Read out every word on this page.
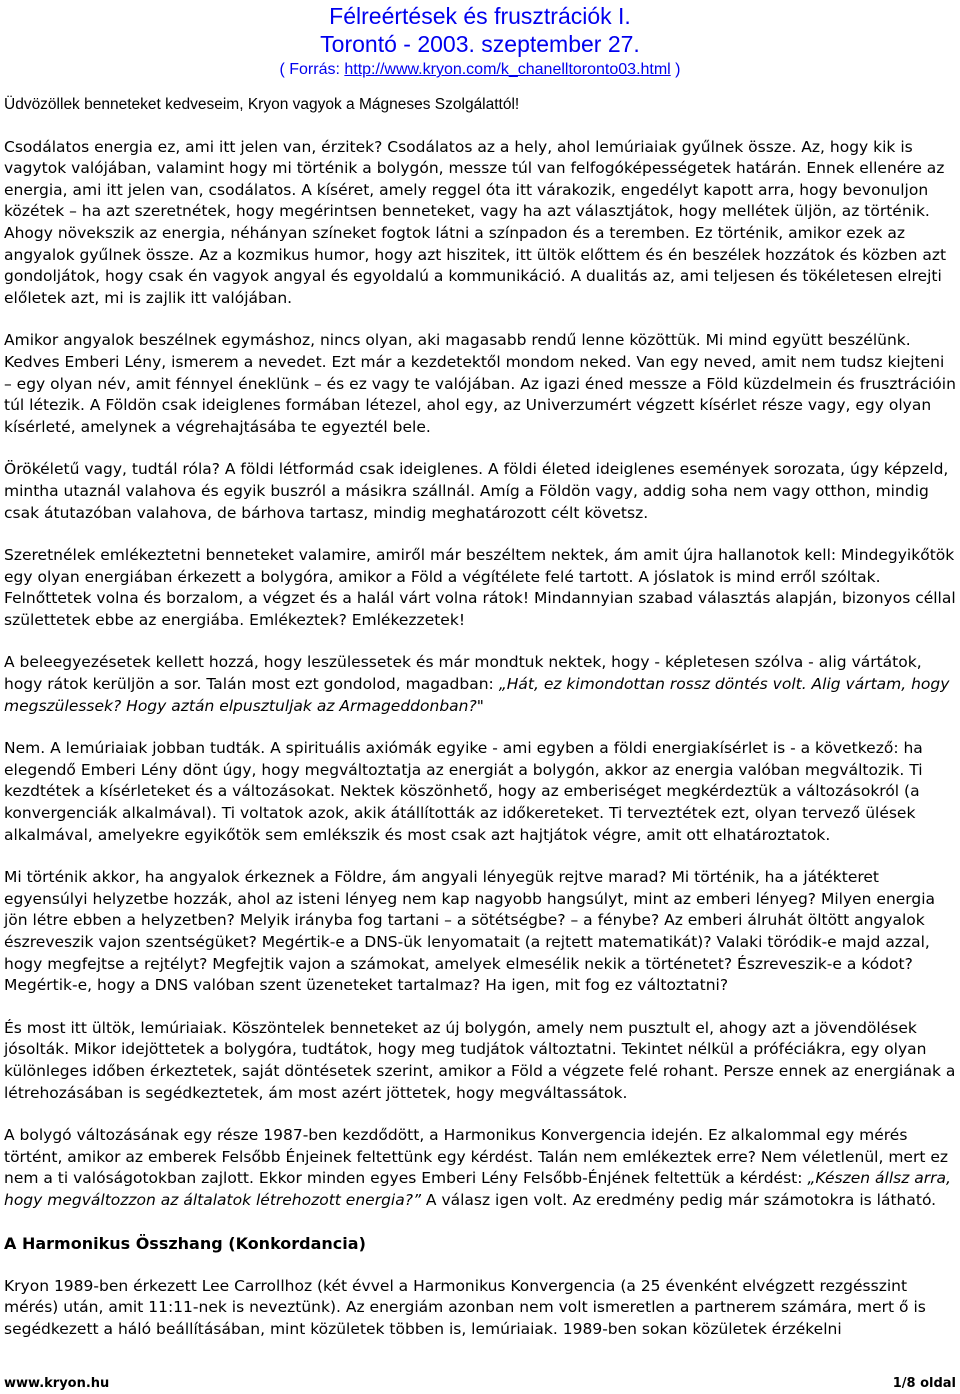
Félreértések és frusztrációk I.
Torontó - 2003. szeptember 27.
( Forrás: http://www.kryon.com/k_chanelltoronto03.html )

Üdvözöllek benneteket kedveseim, Kryon vagyok a Mágneses Szolgálattól!

Csodálatos energia ez, ami itt jelen van, érzitek? Csodálatos az a hely, ahol lemúriaiak gyűlnek össze. Az, hogy kik is vagytok valójában, valamint hogy mi történik a bolygón, messze túl van felfogóképességetek határán. Ennek ellenére az energia, ami itt jelen van, csodálatos. A kíséret, amely reggel óta itt várakozik, engedélyt kapott arra, hogy bevonuljon közétek – ha azt szeretnétek, hogy megérintsen benneteket, vagy ha azt választjátok, hogy mellétek üljön, az történik. Ahogy növekszik az energia, néhányan színeket fogtok látni a színpadon és a teremben. Ez történik, amikor ezek az angyalok gyűlnek össze. Az a kozmikus humor, hogy azt hiszitek, itt ültök előttem és én beszélek hozzátok és közben azt gondoljátok, hogy csak én vagyok angyal és egyoldalú a kommunikáció. A dualitás az, ami teljesen és tökéletesen elrejti előletek azt, mi is zajlik itt valójában.

Amikor angyalok beszélnek egymáshoz, nincs olyan, aki magasabb rendű lenne közöttük. Mi mind együtt beszélünk. Kedves Emberi Lény, ismerem a nevedet. Ezt már a kezdetektől mondom neked. Van egy neved, amit nem tudsz kiejteni – egy olyan név, amit fénnyel éneklünk – és ez vagy te valójában. Az igazi éned messze a Föld küzdelmein és frusztrációin túl létezik. A Földön csak ideiglenes formában létezel, ahol egy, az Univerzumért végzett kísérlet része vagy, egy olyan kísérleté, amelynek a végrehajtásába te egyeztél bele.

Örökéletű vagy, tudtál róla? A földi létformád csak ideiglenes. A földi életed ideiglenes események sorozata, úgy képzeld, mintha utaznál valahova és egyik buszról a másikra szállnál. Amíg a Földön vagy, addig soha nem vagy otthon, mindig csak átutazóban valahova, de bárhova tartasz, mindig meghatározott célt követsz.

Szeretnélek emlékeztetni benneteket valamire, amiről már beszéltem nektek, ám amit újra hallanotok kell: Mindegyikőtök egy olyan energiában érkezett a bolygóra, amikor a Föld a végítélete felé tartott. A jóslatok is mind erről szóltak. Felnőttetek volna és borzalom, a végzet és a halál várt volna rátok! Mindannyian szabad választás alapján, bizonyos céllal születtetek ebbe az energiába. Emlékeztek? Emlékezzetek!

A beleegyezésetek kellett hozzá, hogy leszülessetek és már mondtuk nektek, hogy - képletesen szólva - alig vártátok, hogy rátok kerüljön a sor. Talán most ezt gondolod, magadban: „Hát, ez kimondottan rossz döntés volt. Alig vártam, hogy megszülessek? Hogy aztán elpusztuljak az Armageddonban?"

Nem. A lemúriaiak jobban tudták. A spirituális axiómák egyike - ami egyben a földi energiakísérlet is - a következő: ha elegendő Emberi Lény dönt úgy, hogy megváltoztatja az energiát a bolygón, akkor az energia valóban megváltozik. Ti kezdtétek a kísérleteket és a változásokat. Nektek köszönhető, hogy az emberiséget megkérdeztük a változásokról (a konvergenciák alkalmával). Ti voltatok azok, akik átállították az időkereteket. Ti terveztétek ezt, olyan tervező ülések alkalmával, amelyekre egyikőtök sem emlékszik és most csak azt hajtjátok végre, amit ott elhatároztatok.

Mi történik akkor, ha angyalok érkeznek a Földre, ám angyali lényegük rejtve marad? Mi történik, ha a játékteret egyensúlyi helyzetbe hozzák, ahol az isteni lényeg nem kap nagyobb hangsúlyt, mint az emberi lényeg? Milyen energia jön létre ebben a helyzetben? Melyik irányba fog tartani – a sötétségbe? – a fénybe? Az emberi álruhát öltött angyalok észreveszik vajon szentségüket? Megértik-e a DNS-ük lenyomatait (a rejtett matematikát)? Valaki töródik-e majd azzal, hogy megfejtse a rejtélyt? Megfejtik vajon a számokat, amelyek elmesélik nekik a történetet? Észreveszik-e a kódot? Megértik-e, hogy a DNS valóban szent üzeneteket tartalmaz? Ha igen, mit fog ez változtatni?

És most itt ültök, lemúriaiak. Köszöntelek benneteket az új bolygón, amely nem pusztult el, ahogy azt a jövendölések jósolták. Mikor idejöttetek a bolygóra, tudtátok, hogy meg tudjátok változtatni. Tekintet nélkül a próféciákra, egy olyan különleges időben érkeztetek, saját döntésetek szerint, amikor a Föld a végzete felé rohant. Persze ennek az energiának a létrehozásában is segédkeztetek, ám most azért jöttetek, hogy megváltassátok.

A bolygó változásának egy része 1987-ben kezdődött, a Harmonikus Konvergencia idején. Ez alkalommal egy mérés történt, amikor az emberek Felsőbb Énjeinek feltettünk egy kérdést. Talán nem emlékeztek erre? Nem véletlenül, mert ez nem a ti valóságotokban zajlott. Ekkor minden egyes Emberi Lény Felsőbb-Énjének feltettük a kérdést: „Készen állsz arra, hogy megváltozzon az általatok létrehozott energia?” A válasz igen volt. Az eredmény pedig már számotokra is látható.

A Harmonikus Összhang (Konkordancia)

Kryon 1989-ben érkezett Lee Carrollhoz (két évvel a Harmonikus Konvergencia (a 25 évenként elvégzett rezgésszint mérés) után, amit 11:11-nek is neveztünk). Az energiám azonban nem volt ismeretlen a partnerem számára, mert ő is segédkezett a háló beállításában, mint közületek többen is, lemúriaiak. 1989-ben sokan közületek érzékelni

www.kryon.hu	1/8 oldal
